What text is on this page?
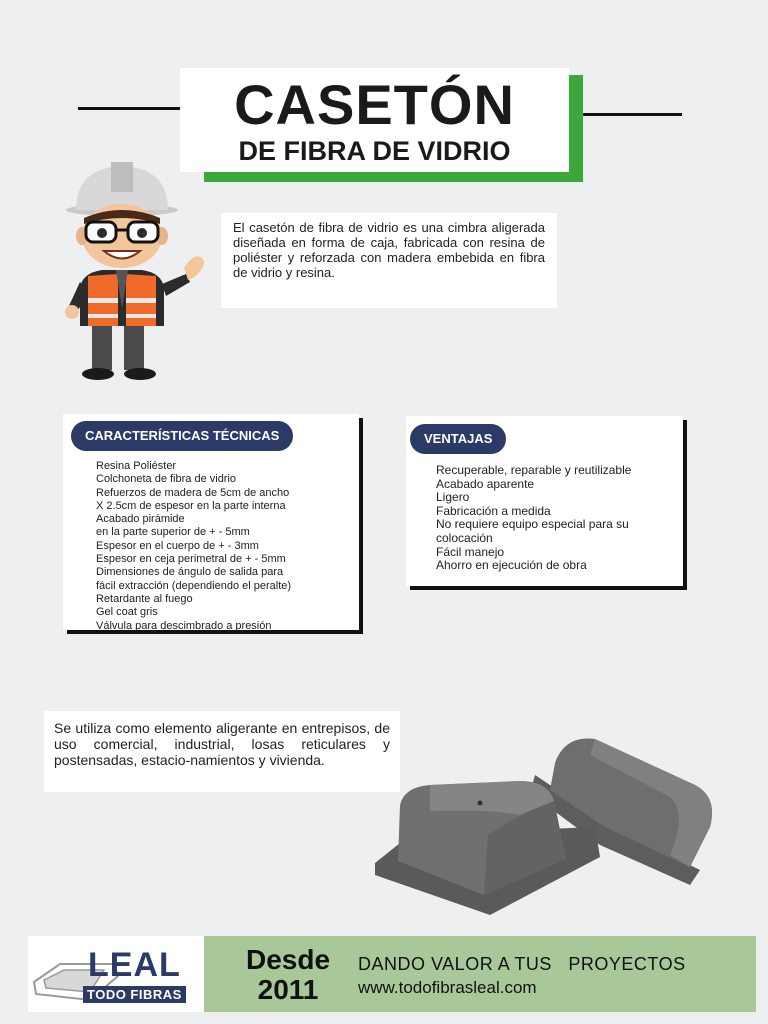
CASETÓN
DE FIBRA DE VIDRIO
El casetón de fibra de vidrio es una cimbra aligerada diseñada en forma de caja, fabricada con resina de poliéster y reforzada con madera embebida en fibra de vidrio y resina.
CARACTERÍSTICAS TÉCNICAS
Resina Poliéster
Colchoneta de fibra de vidrio
Refuerzos de madera de 5cm de ancho
X 2.5cm de espesor en la parte interna
Acabado pirámide
en la parte superior de + - 5mm
Espesor en el cuerpo de + - 3mm
Espesor en ceja perimetral de + - 5mm
Dimensiones de ángulo de salida para
fácil extracción (dependiendo el peralte)
Retardante al fuego
Gel coat gris
Válvula para descimbrado a presión
VENTAJAS
Recuperable, reparable y reutilizable
Acabado aparente
Ligero
Fabricación a medida
No requiere equipo especial para su
colocación
Fácil manejo
Ahorro en ejecución de obra
Se utiliza como elemento aligerante en entrepisos, de uso comercial, industrial, losas reticulares y postensadas, estacio-namientos y vivienda.
LEAL
TODO FIBRAS
Desde
2011
DANDO VALOR A TUS   PROYECTOS
www.todofibrasleal.com
